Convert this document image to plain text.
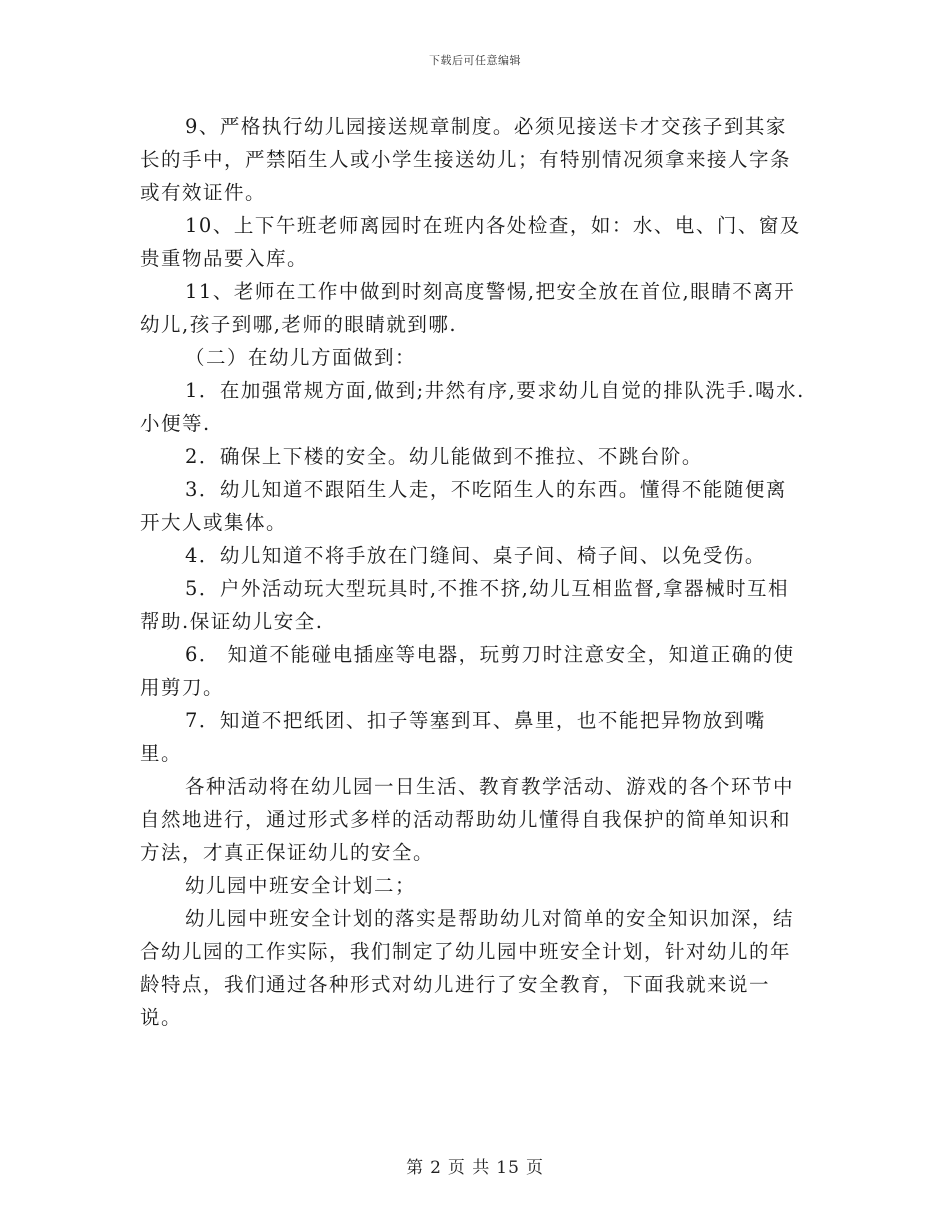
下载后可任意编辑

9、严格执行幼儿园接送规章制度。必须见接送卡才交孩子到其家长的手中，严禁陌生人或小学生接送幼儿；有特别情况须拿来接人字条或有效证件。

10、上下午班老师离园时在班内各处检查，如：水、电、门、窗及贵重物品要入库。

11、老师在工作中做到时刻高度警惕,把安全放在首位,眼睛不离开幼儿,孩子到哪,老师的眼睛就到哪.

（二）在幼儿方面做到：

1．在加强常规方面,做到;井然有序,要求幼儿自觉的排队洗手.喝水.小便等.

2．确保上下楼的安全。幼儿能做到不推拉、不跳台阶。

3．幼儿知道不跟陌生人走，不吃陌生人的东西。懂得不能随便离开大人或集体。

4．幼儿知道不将手放在门缝间、桌子间、椅子间、以免受伤。

5．户外活动玩大型玩具时,不推不挤,幼儿互相监督,拿器械时互相帮助.保证幼儿安全.

6． 知道不能碰电插座等电器，玩剪刀时注意安全，知道正确的使用剪刀。

7．知道不把纸团、扣子等塞到耳、鼻里，也不能把异物放到嘴里。

各种活动将在幼儿园一日生活、教育教学活动、游戏的各个环节中自然地进行，通过形式多样的活动帮助幼儿懂得自我保护的简单知识和方法，才真正保证幼儿的安全。

幼儿园中班安全计划二；

幼儿园中班安全计划的落实是帮助幼儿对简单的安全知识加深，结合幼儿园的工作实际，我们制定了幼儿园中班安全计划，针对幼儿的年龄特点，我们通过各种形式对幼儿进行了安全教育，下面我就来说一说。

第 2 页 共 15 页
